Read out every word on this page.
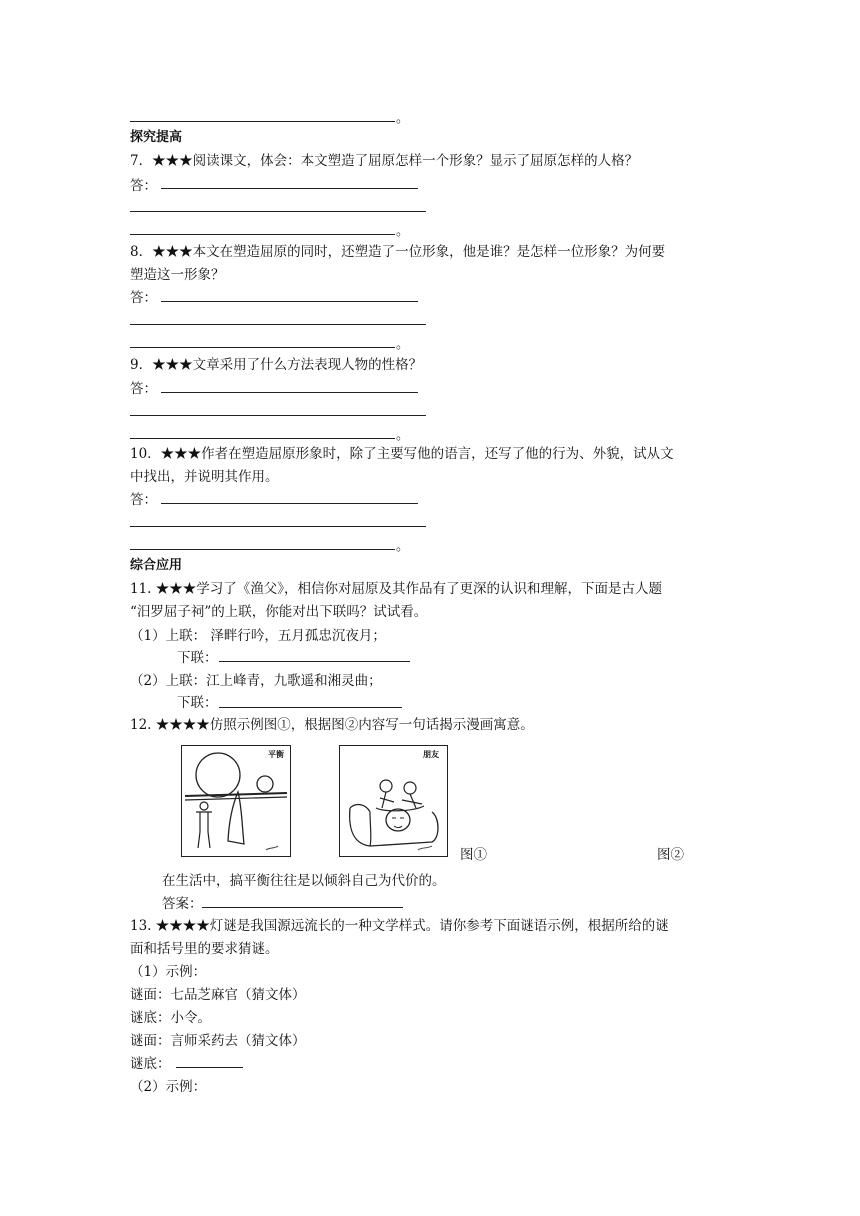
。
探究提高
7．★★★阅读课文，体会：本文塑造了屈原怎样一个形象？显示了屈原怎样的人格？
答：
。
8．★★★本文在塑造屈原的同时，还塑造了一位形象，他是谁？是怎样一位形象？为何要
塑造这一形象？
答：
。
9．★★★文章采用了什么方法表现人物的性格？
答：
。
10．★★★作者在塑造屈原形象时，除了主要写他的语言，还写了他的行为、外貌，试从文
中找出，并说明其作用。
答：
。
综合应用
11. ★★★学习了《渔父》，相信你对屈原及其作品有了更深的认识和理解，下面是古人题
“汨罗屈子祠”的上联，你能对出下联吗？试试看。
（1）上联： 泽畔行吟，五月孤忠沉夜月；
下联：
（2）上联：江上峰青，九歌遥和湘灵曲；
下联：
12. ★★★★仿照示例图①，根据图②内容写一句话揭示漫画寓意。
平衡	朋友
图①	图②
在生活中，搞平衡往往是以倾斜自己为代价的。
答案：
13. ★★★★灯谜是我国源远流长的一种文学样式。请你参考下面谜语示例，根据所给的谜
面和括号里的要求猜谜。
（1）示例：
谜面：七品芝麻官（猜文体）
谜底：小令。
谜面：言师采药去（猜文体）
谜底：
（2）示例：
